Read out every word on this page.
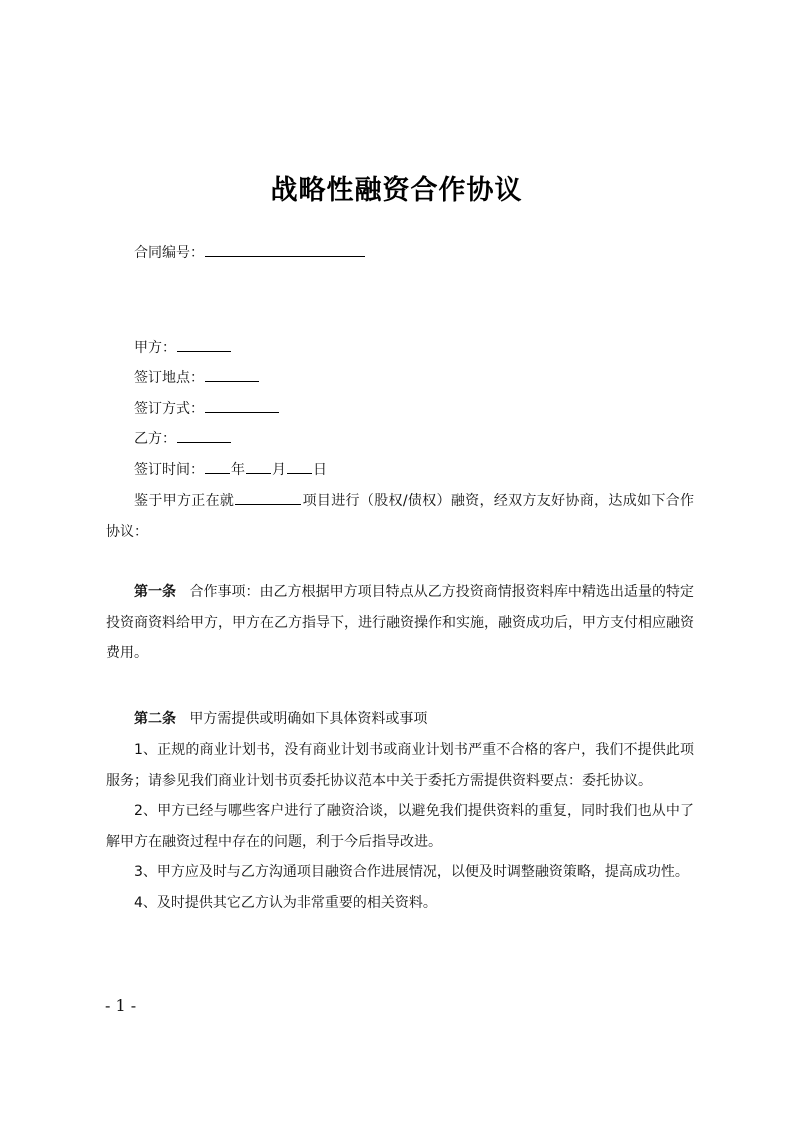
战略性融资合作协议
合同编号：
甲方：
签订地点：
签订方式：
乙方：
签订时间： 年 月 日
鉴于甲方正在就	项目进行（股权/债权）融资，经双方友好协商，达成如下合作协议：
第一条 合作事项：由乙方根据甲方项目特点从乙方投资商情报资料库中精选出适量的特定投资商资料给甲方，甲方在乙方指导下，进行融资操作和实施，融资成功后，甲方支付相应融资费用。
第二条 甲方需提供或明确如下具体资料或事项
1、正规的商业计划书，没有商业计划书或商业计划书严重不合格的客户，我们不提供此项服务；请参见我们商业计划书页委托协议范本中关于委托方需提供资料要点：委托协议。
2、甲方已经与哪些客户进行了融资洽谈，以避免我们提供资料的重复，同时我们也从中了解甲方在融资过程中存在的问题，利于今后指导改进。
3、甲方应及时与乙方沟通项目融资合作进展情况，以便及时调整融资策略，提高成功性。
4、及时提供其它乙方认为非常重要的相关资料。
- 1 -
